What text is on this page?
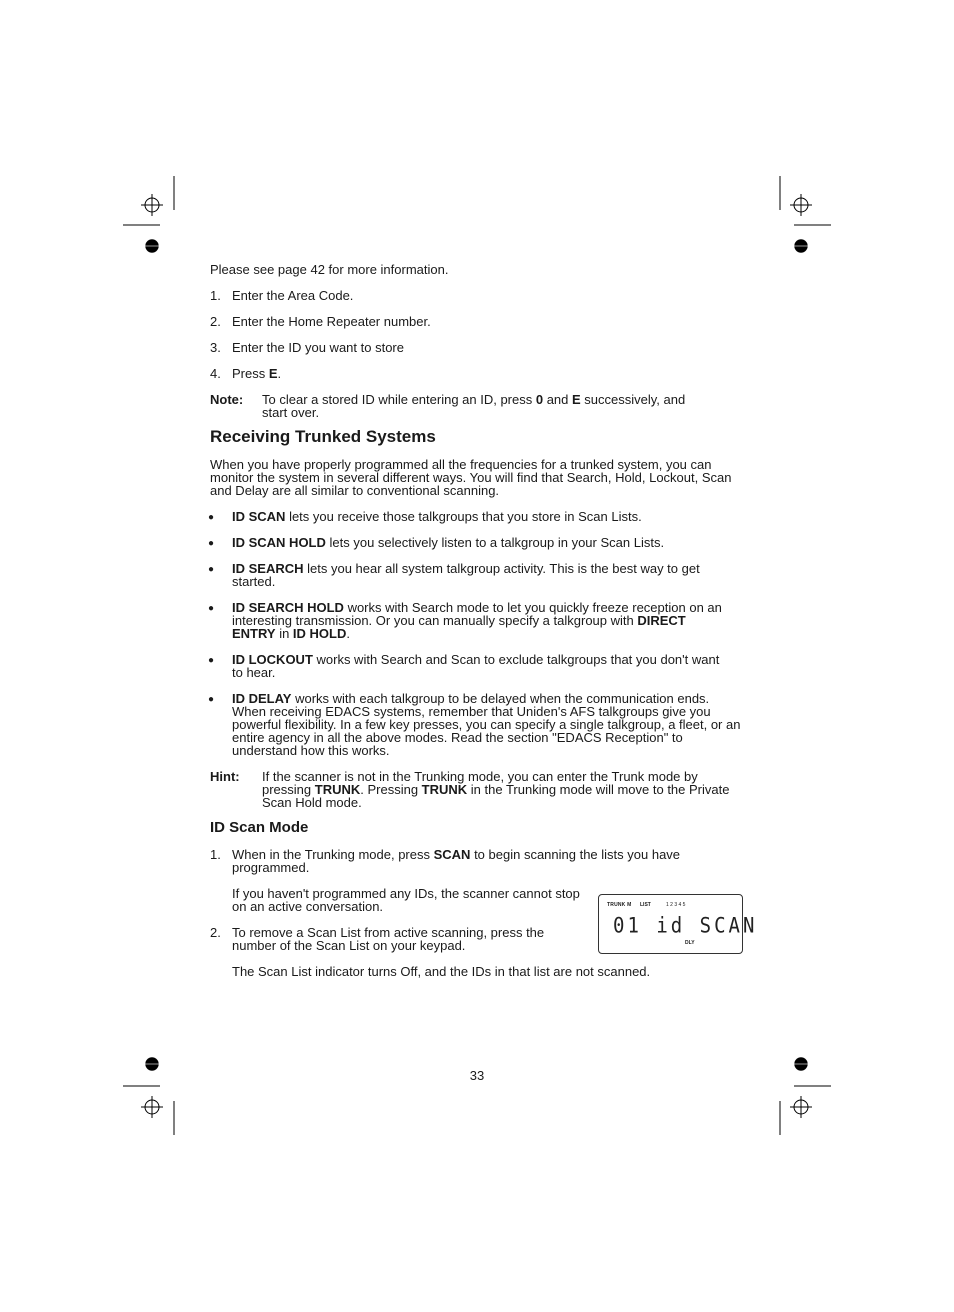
Please see page 42 for more information.
1. Enter the Area Code.
2. Enter the Home Repeater number.
3. Enter the ID you want to store
4. Press E.
Note: To clear a stored ID while entering an ID, press 0 and E successively, and
start over.
Receiving Trunked Systems
When you have properly programmed all the frequencies for a trunked system, you can
monitor the system in several different ways. You will find that Search, Hold, Lockout, Scan
and Delay are all similar to conventional scanning.
● ID SCAN lets you receive those talkgroups that you store in Scan Lists.
● ID SCAN HOLD lets you selectively listen to a talkgroup in your Scan Lists.
● ID SEARCH lets you hear all system talkgroup activity. This is the best way to get
started.
● ID SEARCH HOLD works with Search mode to let you quickly freeze reception on an
interesting transmission. Or you can manually specify a talkgroup with DIRECT
ENTRY in ID HOLD.
● ID LOCKOUT works with Search and Scan to exclude talkgroups that you don't want
to hear.
● ID DELAY works with each talkgroup to be delayed when the communication ends.
When receiving EDACS systems, remember that Uniden's AFS talkgroups give you
powerful flexibility. In a few key presses, you can specify a single talkgroup, a fleet, or an
entire agency in all the above modes. Read the section "EDACS Reception" to
understand how this works.
Hint: If the scanner is not in the Trunking mode, you can enter the Trunk mode by
pressing TRUNK. Pressing TRUNK in the Trunking mode will move to the Private
Scan Hold mode.
ID Scan Mode
1. When in the Trunking mode, press SCAN to begin scanning the lists you have
programmed.
If you haven't programmed any IDs, the scanner cannot stop
on an active conversation.
2. To remove a Scan List from active scanning, press the
number of the Scan List on your keypad.
The Scan List indicator turns Off, and the IDs in that list are not scanned.
TRUNK M LIST	1 2 3 4 5
01 id SCAN
DLY
33
